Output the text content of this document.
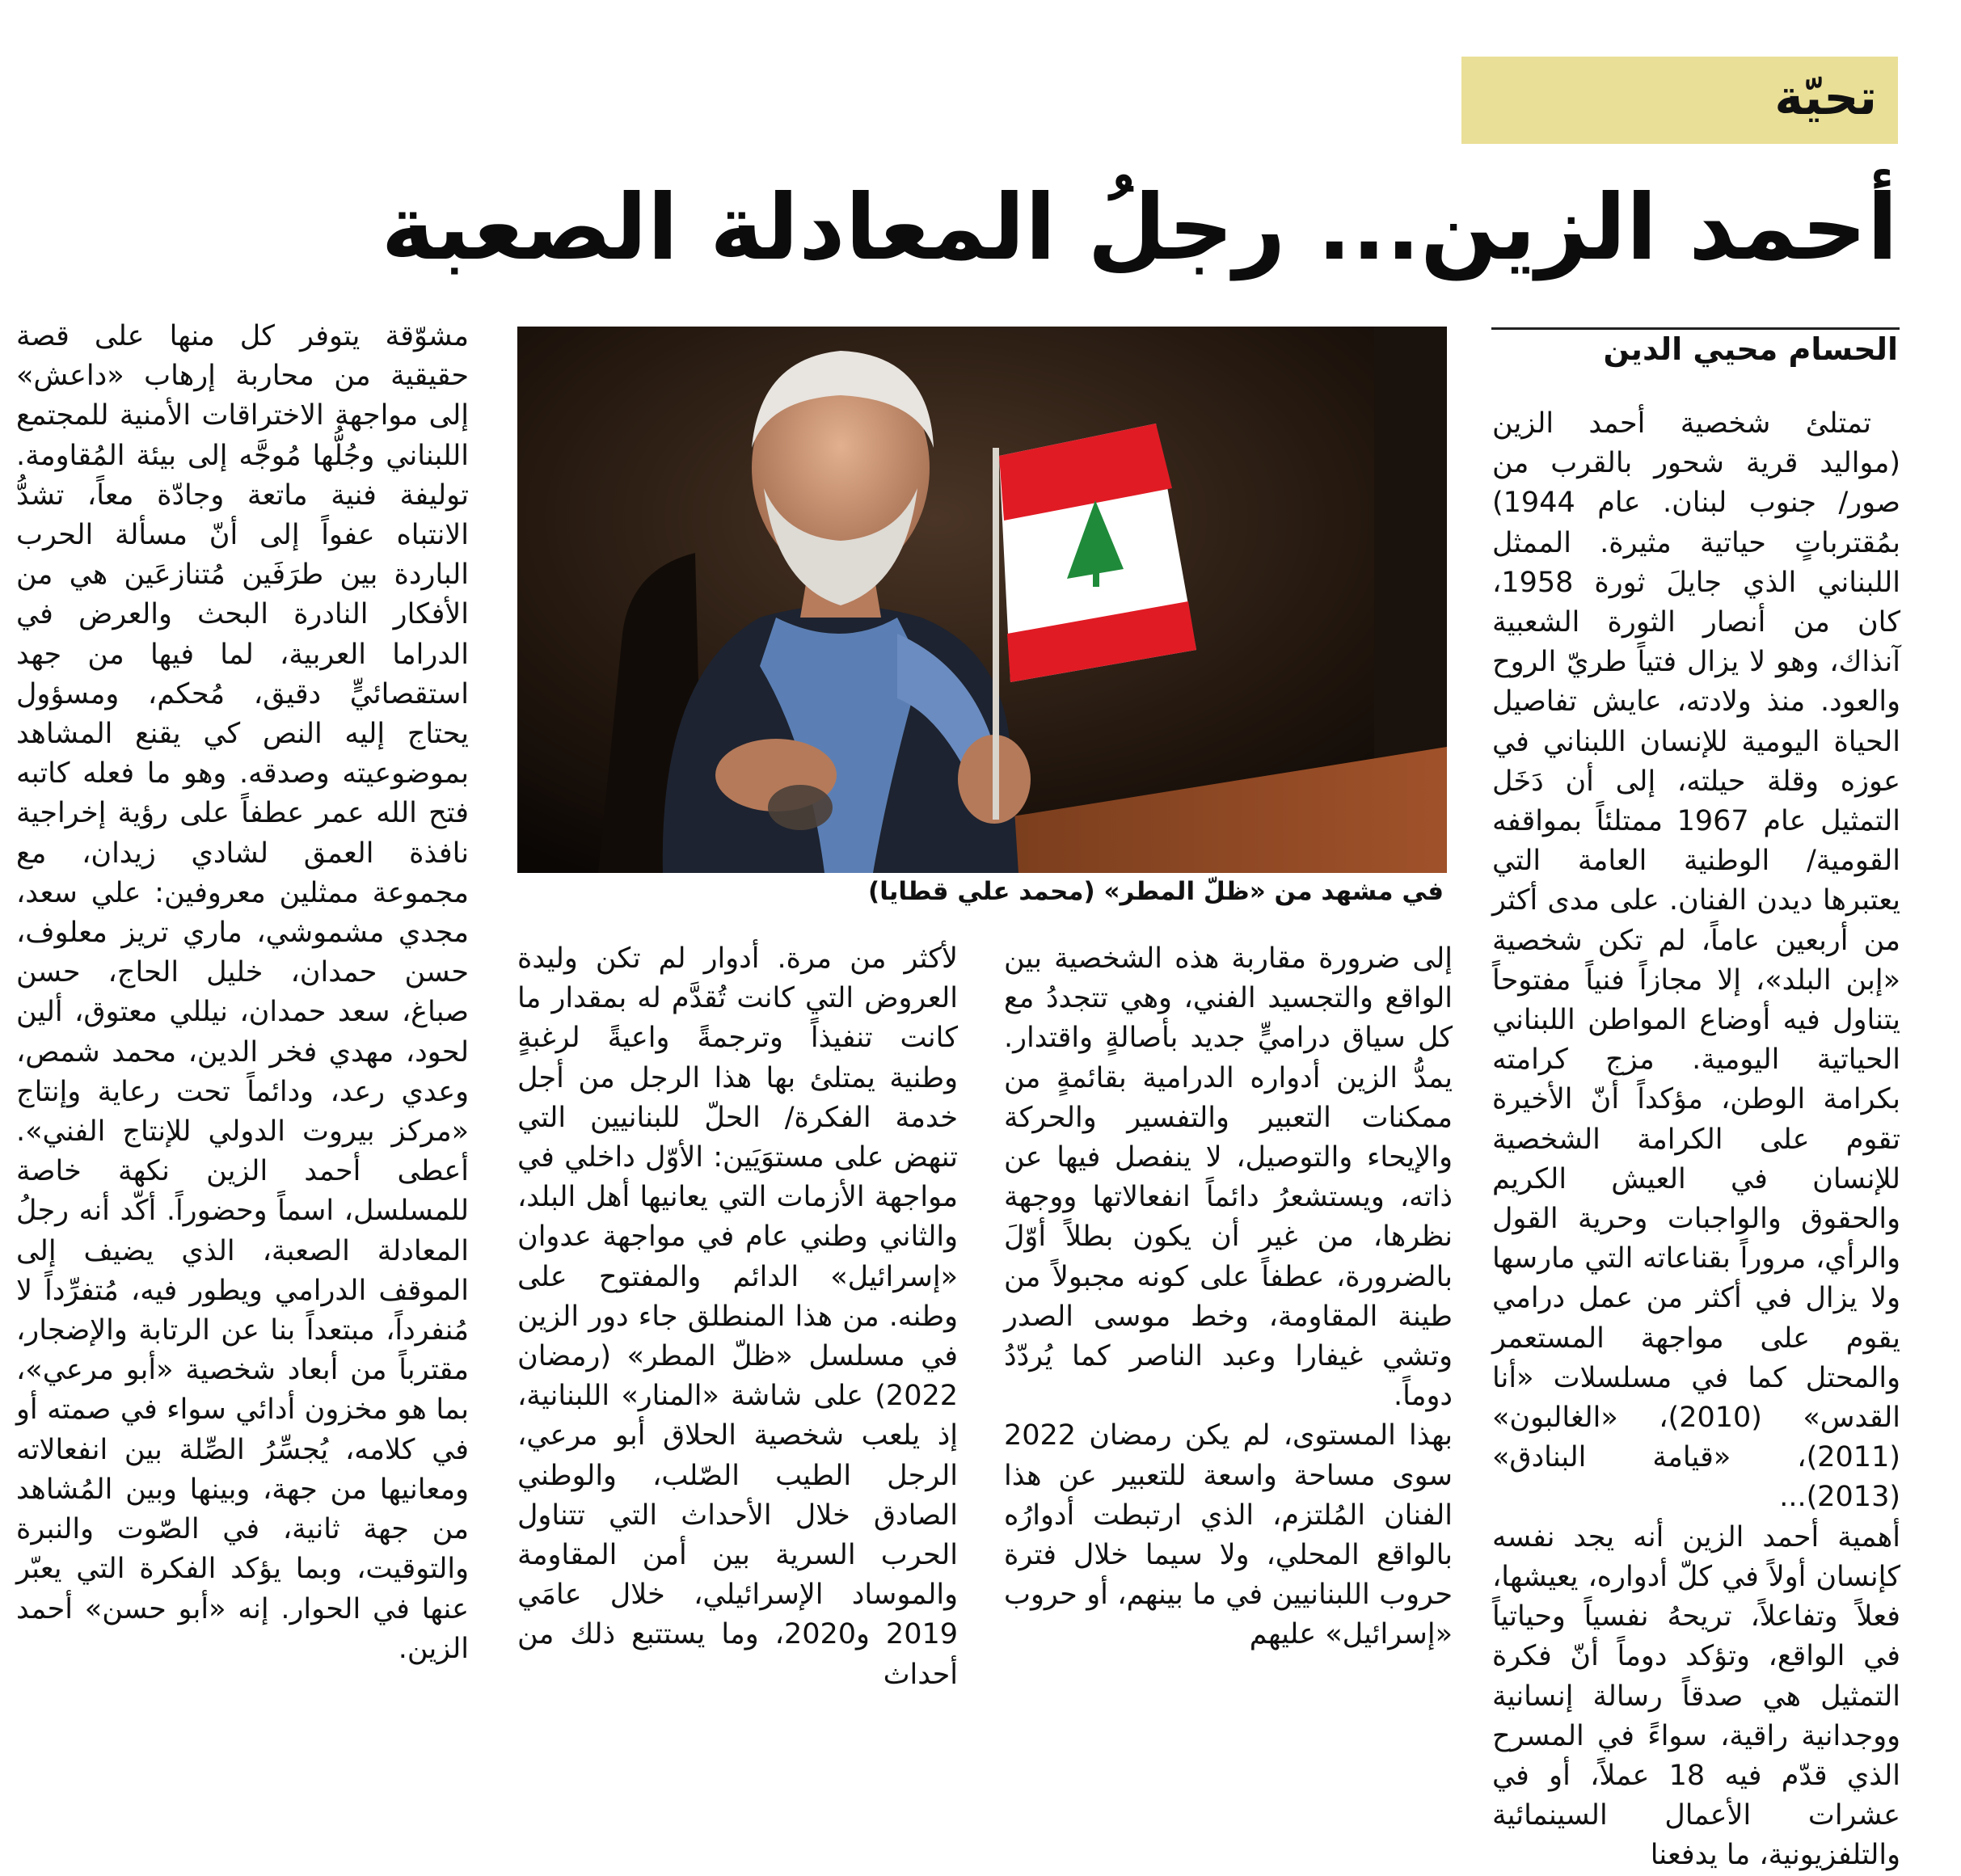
تحيّة
أحمد الزين... رجلُ المعادلة الصعبة
الحسام محيي الدين

تمتلئ شخصية أحمد الزين (مواليد قرية شحور بالقرب من صور/ جنوب لبنان. عام 1944) بمُقترباتٍ حياتية مثيرة. الممثل اللبناني الذي جايلَ ثورة 1958، كان من أنصار الثورة الشعبية آنذاك، وهو لا يزال فتياً طريّ الروح والعود. منذ ولادته، عايش تفاصيل الحياة اليومية للإنسان اللبناني في عوزه وقلة حيلته، إلى أن دَخَل التمثيل عام 1967 ممتلئاً بمواقفه القومية/ الوطنية العامة التي يعتبرها ديدن الفنان. على مدى أكثر من أربعين عاماً، لم تكن شخصية «إبن البلد»، إلا مجازاً فنياً مفتوحاً يتناول فيه أوضاع المواطن اللبناني الحياتية اليومية. مزج كرامته بكرامة الوطن، مؤكداً أنّ الأخيرة تقوم على الكرامة الشخصية للإنسان في العيش الكريم والحقوق والواجبات وحرية القول والرأي، مروراً بقناعاته التي مارسها ولا يزال في أكثر من عمل درامي يقوم على مواجهة المستعمر والمحتل كما في مسلسلات «أنا القدس» (2010)، «الغالبون» (2011)، «قيامة البنادق» (2013)...

أهمية أحمد الزين أنه يجد نفسه كإنسان أولاً في كلّ أدواره، يعيشها، فعلاً وتفاعلاً، تريحهُ نفسياً وحياتياً في الواقع، وتؤكد دوماً أنّ فكرة التمثيل هي صدقاً رسالة إنسانية ووجدانية راقية، سواءً في المسرح الذي قدّم فيه 18 عملاً، أو في عشرات الأعمال السينمائية والتلفزيونية، ما يدفعنا

في مشهد من «ظلّ المطر» (محمد علي قطايا)

إلى ضرورة مقاربة هذه الشخصية بين الواقع والتجسيد الفني، وهي تتجددُ مع كل سياق دراميٍّ جديد بأصالةٍ واقتدار. يمدُّ الزين أدواره الدرامية بقائمةٍ من ممكنات التعبير والتفسير والحركة والإيحاء والتوصيل، لا ينفصل فيها عن ذاته، ويستشعرُ دائماً انفعالاتها ووجهة نظرها، من غير أن يكون بطلاً أوّلَ بالضرورة، عطفاً على كونه مجبولاً من طينة المقاومة، وخط موسى الصدر وتشي غيفارا وعبد الناصر كما يُردّدُ دوماً.

بهذا المستوى، لم يكن رمضان 2022 سوى مساحة واسعة للتعبير عن هذا الفنان المُلتزم، الذي ارتبطت أدوارُه بالواقع المحلي، ولا سيما خلال فترة حروب اللبنانيين في ما بينهم، أو حروب «إسرائيل» عليهم

لأكثر من مرة. أدوار لم تكن وليدة العروض التي كانت تُقدَّم له بمقدار ما كانت تنفيذاً وترجمةً واعيةً لرغبةٍ وطنية يمتلئ بها هذا الرجل من أجل خدمة الفكرة/ الحلّ للبنانيين التي تنهض على مستوَيَين: الأوّل داخلي في مواجهة الأزمات التي يعانيها أهل البلد، والثاني وطني عام في مواجهة عدوان «إسرائيل» الدائم والمفتوح على وطنه. من هذا المنطلق جاء دور الزين في مسلسل «ظلّ المطر» (رمضان 2022) على شاشة «المنار» اللبنانية، إذ يلعب شخصية الحلاق أبو مرعي، الرجل الطيب الصّلب، والوطني الصادق خلال الأحداث التي تتناول الحرب السرية بين أمن المقاومة والموساد الإسرائيلي، خلال عامَي 2019 و2020، وما يستتبع ذلك من أحداث

مشوّقة يتوفر كل منها على قصة حقيقية من محاربة إرهاب «داعش» إلى مواجهة الاختراقات الأمنية للمجتمع اللبناني وجُلُّها مُوجَّه إلى بيئة المُقاومة. توليفة فنية ماتعة وجادّة معاً، تشدُّ الانتباه عفواً إلى أنّ مسألة الحرب الباردة بين طرَفَين مُتنازعَين هي من الأفكار النادرة البحث والعرض في الدراما العربية، لما فيها من جهد استقصائيٍّ دقيق، مُحكم، ومسؤول يحتاج إليه النص كي يقنع المشاهد بموضوعيته وصدقه. وهو ما فعله كاتبه فتح الله عمر عطفاً على رؤية إخراجية نافذة العمق لشادي زيدان، مع مجموعة ممثلين معروفين: علي سعد، مجدي مشموشي، ماري تريز معلوف، حسن حمدان، خليل الحاج، حسن صباغ، سعد حمدان، نيللي معتوق، ألين لحود، مهدي فخر الدين، محمد شمص، وعدي رعد، ودائماً تحت رعاية وإنتاج «مركز بيروت الدولي للإنتاج الفني». أعطى أحمد الزين نكهة خاصة للمسلسل، اسماً وحضوراً. أكّد أنه رجلُ المعادلة الصعبة، الذي يضيف إلى الموقف الدرامي ويطور فيه، مُتفرِّداً لا مُنفرداً، مبتعداً بنا عن الرتابة والإضجار، مقترباً من أبعاد شخصية «أبو مرعي»، بما هو مخزون أدائي سواء في صمته أو في كلامه، يُجسِّرُ الصِّلة بين انفعالاته ومعانيها من جهة، وبينها وبين المُشاهد من جهة ثانية، في الصّوت والنبرة والتوقيت، وبما يؤكد الفكرة التي يعبّر عنها في الحوار. إنه «أبو حسن» أحمد الزين.
